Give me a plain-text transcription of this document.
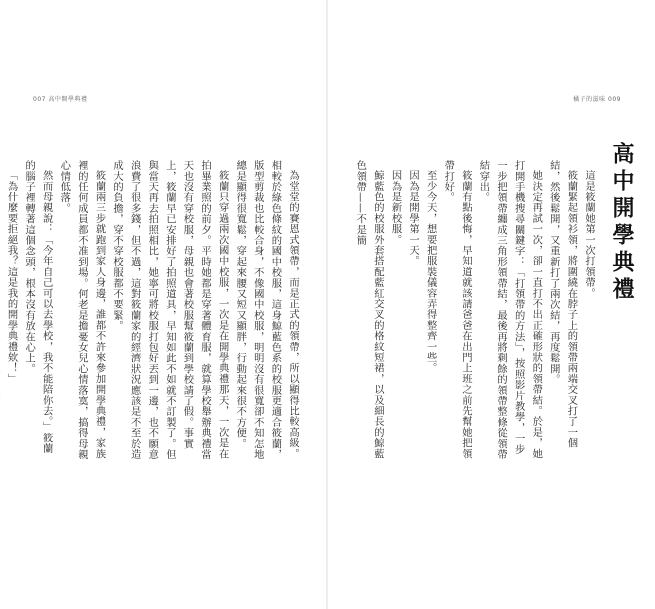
007 高中開學典禮

為堂堂的賽恩式領帶，而是正式的領帶，所以顯得比較高級。相較於綠色條紋的國中校服，這身鯨藍色系的校服更適合筱蘭，版型剪裁也比較合身，不像國中校服，明明沒有很寬卻不知怎地總是顯得很寬鬆，穿起來腰又短又顯胖，行動起來很不方便。

筱蘭只穿過兩次國中校服，一次是在開學典禮那天，一次是在拍畢業照的前夕。平時她都是穿著體育服，就算學校舉辦典禮當天也沒有穿校服，母親也會著校服幫筱蘭到學校請了假。事實上，筱蘭早已安排好了拍照道具，早知如此不如就不訂製了。但與當天再去拍照相比，她寧可將校服打包好丟到一邊，也不願意浪費了很多錢，但不過，這對筱蘭家的經濟狀況應該是不至於造成大的負擔，穿不穿校服都不要緊。

筱蘭兩三步就跑到家人身邊，誰都不許來參加開學典禮，家族裡的任何成員都不准到場。何老是擔憂女兒心情落寞，搞得母親心情低落。

然而母親說：「今年自己可以去學校，我不能陪你去。」筱蘭的腦子裡轉著這個念頭，根本沒有放在心上。

「為什麼要拒絕我？這是我的開學典禮欸！」

橘子的滋味 009
高中開學典禮

這是筱蘭她第一次打領帶。

筱蘭緊起領衫領，將圍繞在脖子上的領帶兩端交叉打了一個結，然後鬆開，又重新打了兩次結，再度鬆開。

她決定再試一次，卻一直打不出正確形狀的領帶結。於是，她打開手機搜尋關鍵字：「打領帶的方法」，按照影片教學，一步一步把領帶纏成三角形領帶結，最後再將剩餘的領帶整條從領帶結穿出。

筱蘭有點後悔，早知道就該請爸爸在出門上班之前先幫她把領帶打好。

至少今天，想要把服裝儀容弄得整齊一些。

因為是開學第一天。

因為是新校服。

鯨藍色的校服外套搭配藍紅交叉的格紋短裙，以及細長的鯨藍色領帶——不是簡
